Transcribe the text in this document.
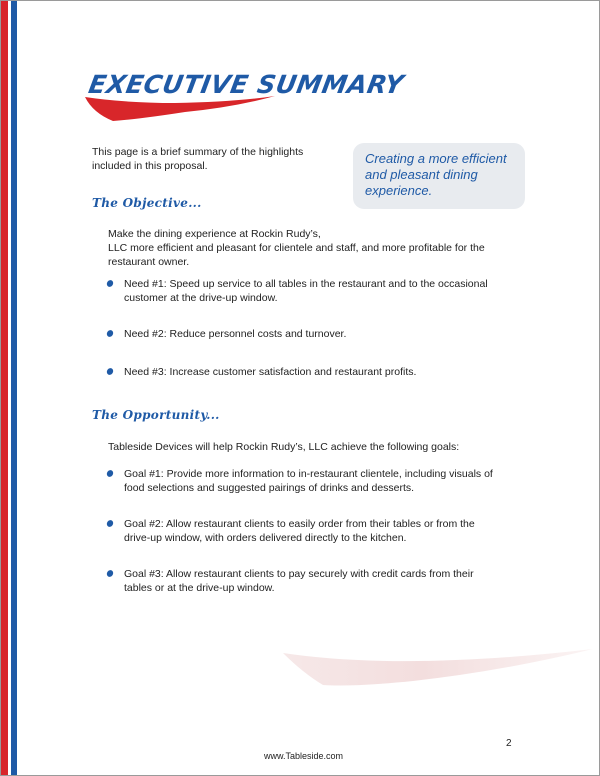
EXECUTIVE SUMMARY

This page is a brief summary of the highlights
included in this proposal.	Creating a more efficient
and pleasant dining
experience.
The Objective...

Make the dining experience at Rockin Rudy’s,
LLC more efficient and pleasant for clientele and staff, and more profitable for the
restaurant owner.

Need #1: Speed up service to all tables in the restaurant and to the occasional
customer at the drive-up window.
Need #2: Reduce personnel costs and turnover.
Need #3: Increase customer satisfaction and restaurant profits.
The Opportunity...

Tableside Devices will help Rockin Rudy’s, LLC achieve the following goals:

Goal #1: Provide more information to in-restaurant clientele, including visuals of
food selections and suggested pairings of drinks and desserts.
Goal #2: Allow restaurant clients to easily order from their tables or from the
drive-up window, with orders delivered directly to the kitchen.
Goal #3: Allow restaurant clients to pay securely with credit cards from their
tables or at the drive-up window.
2
www.Tableside.com
